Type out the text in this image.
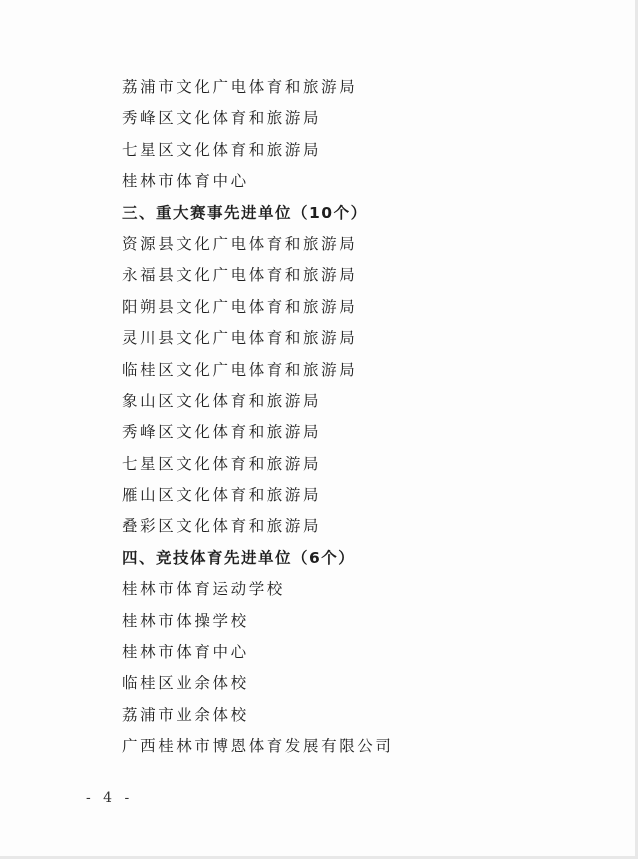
荔浦市文化广电体育和旅游局
秀峰区文化体育和旅游局
七星区文化体育和旅游局
桂林市体育中心
三、重大赛事先进单位（10个）
资源县文化广电体育和旅游局
永福县文化广电体育和旅游局
阳朔县文化广电体育和旅游局
灵川县文化广电体育和旅游局
临桂区文化广电体育和旅游局
象山区文化体育和旅游局
秀峰区文化体育和旅游局
七星区文化体育和旅游局
雁山区文化体育和旅游局
叠彩区文化体育和旅游局
四、竞技体育先进单位（6个）
桂林市体育运动学校
桂林市体操学校
桂林市体育中心
临桂区业余体校
荔浦市业余体校
广西桂林市博恩体育发展有限公司
- 4 -
